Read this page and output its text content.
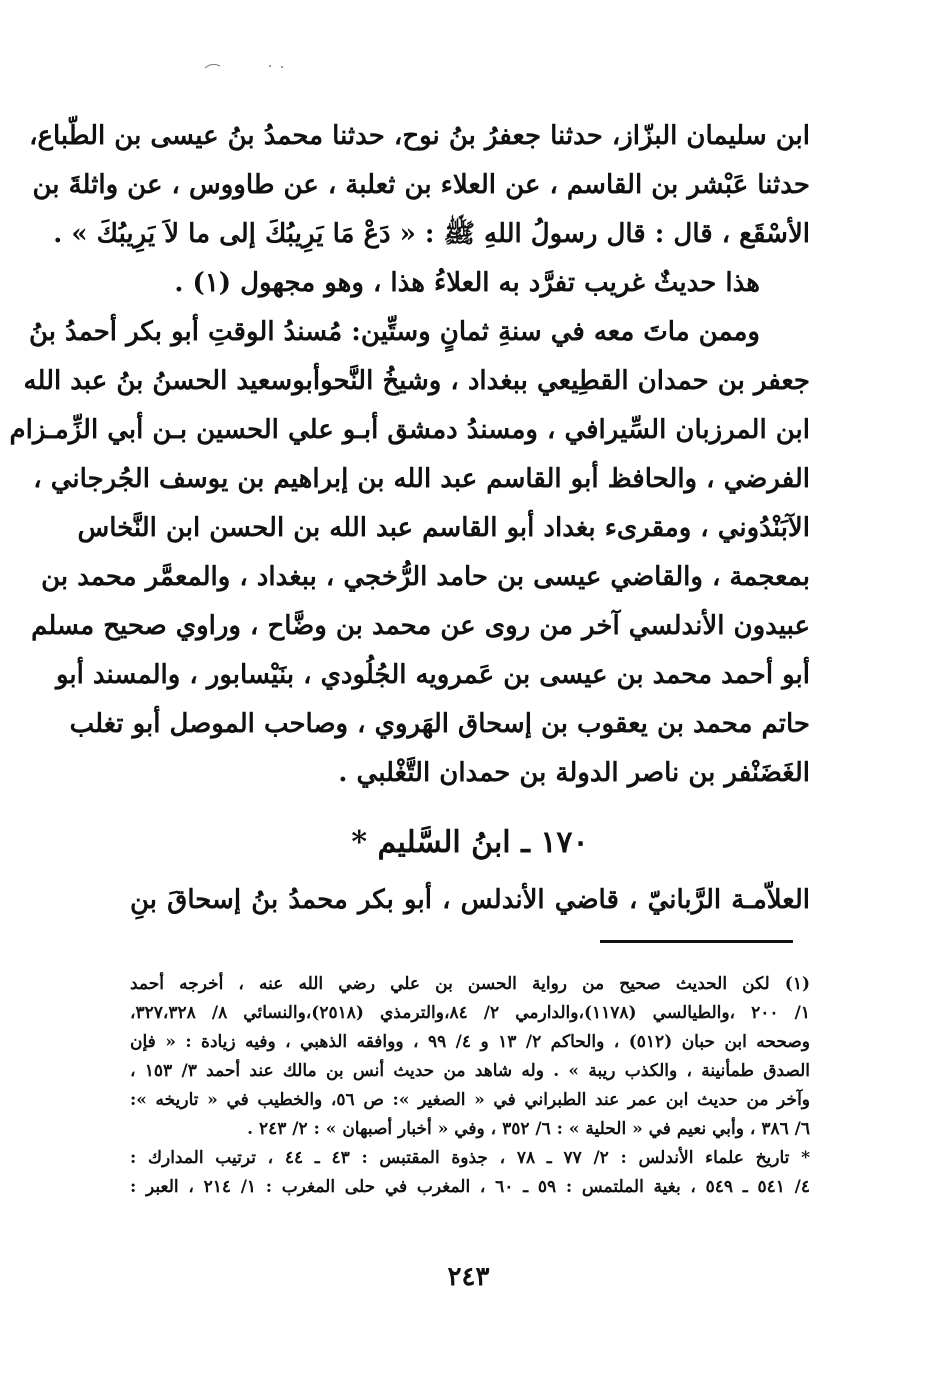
ابن سليمان البزّاز، حدثنا جعفرُ بنُ نوح، حدثنا محمدُ بنُ عيسى بن الطّباع،
حدثنا عَبْشر بن القاسم ، عن العلاء بن ثعلبة ، عن طاووس ، عن واثلةَ بن
الأسْقَع ، قال : قال رسولُ اللهِ ﷺ : « دَعْ مَا يَرِيبُكَ إلى ما لاَ يَرِيبُكَ » .
هذا حديثٌ غريب تفرَّد به العلاءُ هذا ، وهو مجهول (١) .
وممن ماتَ معه في سنةِ ثمانٍ وستِّين: مُسندُ الوقتِ أبو بكر أحمدُ بنُ
جعفر بن حمدان القطِيعي ببغداد ، وشيخُ النَّحوأبوسعيد الحسنُ بنُ عبد الله
ابن المرزبان السِّيرافي ، ومسندُ دمشق أبـو علي الحسين بـن أبي الزِّمـزام
الفرضي ، والحافظ أبو القاسم عبد الله بن إبراهيم بن يوسف الجُرجاني ،
الآبَنْدُوني ، ومقرىء بغداد أبو القاسم عبد الله بن الحسن ابن النَّخاس
بمعجمة ، والقاضي عيسى بن حامد الرُّخجي ، ببغداد ، والمعمَّر محمد بن
عبيدون الأندلسي آخر من روى عن محمد بن وضَّاح ، وراوي صحيح مسلم
أبو أحمد محمد بن عيسى بن عَمرويه الجُلُودي ، بنَيْسابور ، والمسند أبو
حاتم محمد بن يعقوب بن إسحاق الهَروي ، وصاحب الموصل أبو تغلب
الغَضَنْفر بن ناصر الدولة بن حمدان التَّغْلبي .
١٧٠ ـ ابنُ السَّليم *
العلاّمـة الرَّبانيّ ، قاضي الأندلس ، أبو بكر محمدُ بنُ إسحاقَ بنِ
(١) لكن الحديث صحيح من رواية الحسن بن علي رضي الله عنه ، أخرجه أحمد
١/ ٢٠٠ ،والطيالسي (١١٧٨)،والدارمي ٢/ ٨٤،والترمذي (٢٥١٨)،والنسائي ٨/ ٣٢٧،٣٢٨،
وصححه ابن حبان (٥١٢) ، والحاكم ٢/ ١٣ و ٤/ ٩٩ ، ووافقه الذهبي ، وفيه زيادة : « فإن
الصدق طمأنينة ، والكذب ريبة » . وله شاهد من حديث أنس بن مالك عند أحمد ٣/ ١٥٣ ،
وآخر من حديث ابن عمر عند الطبراني في « الصغير »: ص ٥٦، والخطيب في « تاريخه »:
٦/ ٣٨٦ ، وأبي نعيم في « الحلية » : ٦/ ٣٥٢ ، وفي « أخبار أصبهان » : ٢/ ٢٤٣ .
* تاريخ علماء الأندلس : ٢/ ٧٧ ـ ٧٨ ، جذوة المقتبس : ٤٣ ـ ٤٤ ، ترتيب المدارك :
٤/ ٥٤١ ـ ٥٤٩ ، بغية الملتمس : ٥٩ ـ ٦٠ ، المغرب في حلى المغرب : ١/ ٢١٤ ، العبر :
٢٤٣
